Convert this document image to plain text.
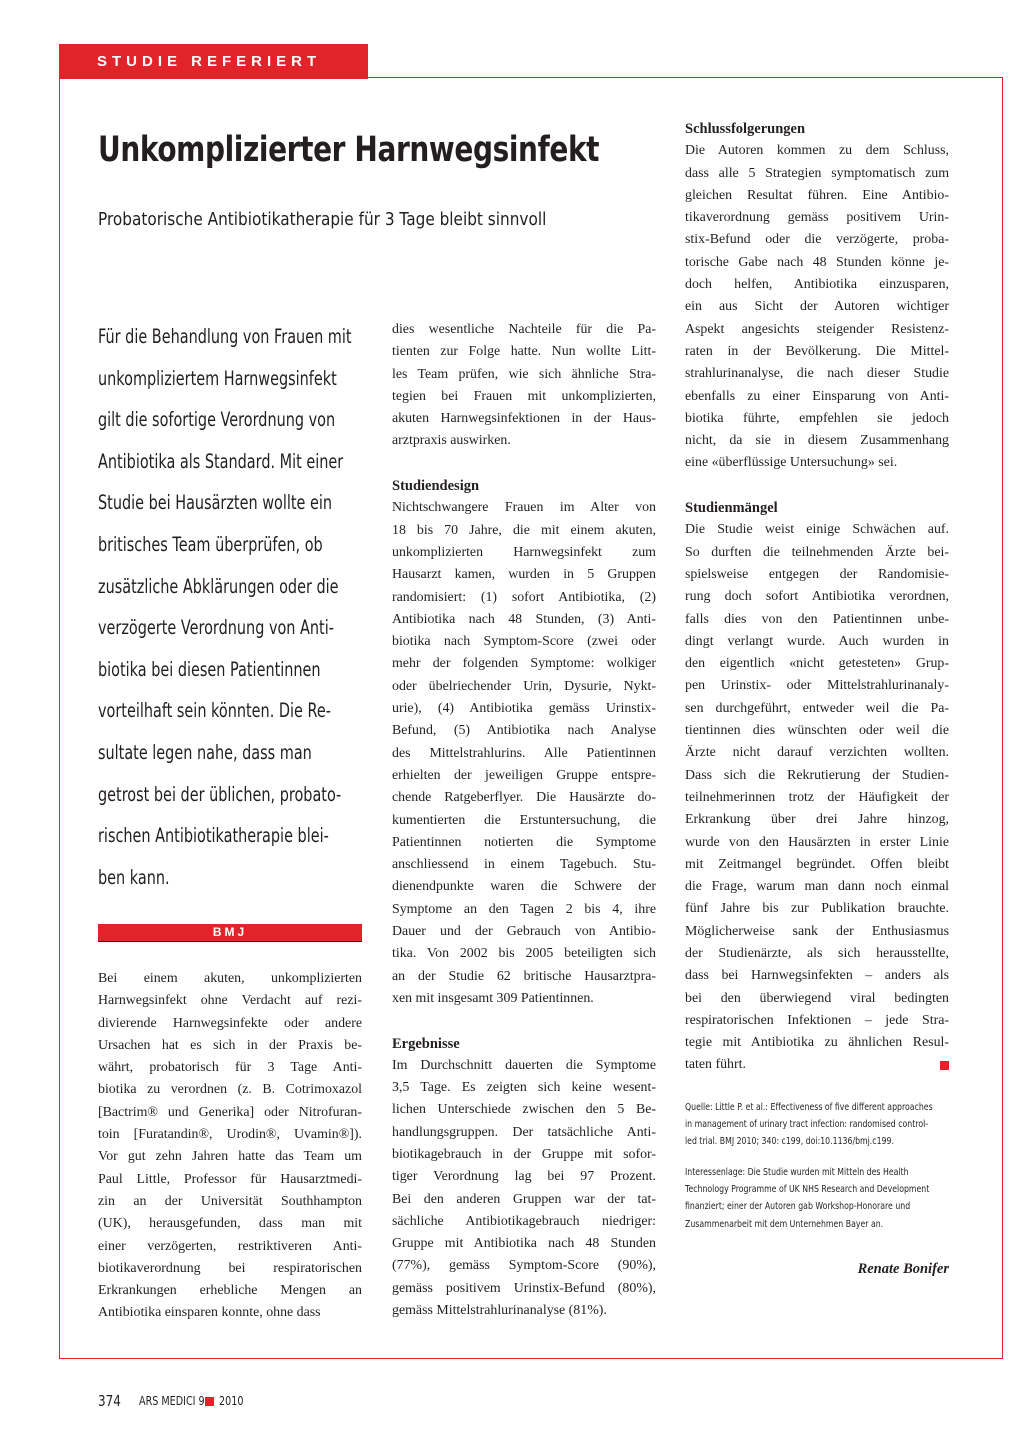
STUDIE REFERIERT
Unkomplizierter Harnwegsinfekt
Probatorische Antibiotikatherapie für 3 Tage bleibt sinnvoll
Für die Behandlung von Frauen mit
unkompliziertem Harnwegsinfekt
gilt die sofortige Verordnung von
Antibiotika als Standard. Mit einer
Studie bei Hausärzten wollte ein
britisches Team überprüfen, ob
zusätzliche Abklärungen oder die
verzögerte Verordnung von Anti-
biotika bei diesen Patientinnen
vorteilhaft sein könnten. Die Re-
sultate legen nahe, dass man
getrost bei der üblichen, probato-
rischen Antibiotikatherapie blei-
ben kann.
BMJ

Bei einem akuten, unkomplizierten
Harnwegsinfekt ohne Verdacht auf rezi-
divierende Harnwegsinfekte oder andere
Ursachen hat es sich in der Praxis be-
währt, probatorisch für 3 Tage Anti-
biotika zu verordnen (z. B. Cotrimoxazol
[Bactrim® und Generika] oder Nitrofuran-
toin [Furatandin®, Urodin®, Uvamin®]).
Vor gut zehn Jahren hatte das Team um
Paul Little, Professor für Hausarztmedi-
zin an der Universität Southhampton
(UK), herausgefunden, dass man mit
einer verzögerten, restriktiveren Anti-
biotikaverordnung bei respiratorischen
Erkrankungen erhebliche Mengen an
Antibiotika einsparen konnte, ohne dass

dies wesentliche Nachteile für die Pa-
tienten zur Folge hatte. Nun wollte Litt-
les Team prüfen, wie sich ähnliche Stra-
tegien bei Frauen mit unkomplizierten,
akuten Harnwegsinfektionen in der Haus-
arztpraxis auswirken.

Studiendesign

Nichtschwangere Frauen im Alter von
18 bis 70 Jahre, die mit einem akuten,
unkomplizierten Harnwegsinfekt zum
Hausarzt kamen, wurden in 5 Gruppen
randomisiert: (1) sofort Antibiotika, (2)
Antibiotika nach 48 Stunden, (3) Anti-
biotika nach Symptom-Score (zwei oder
mehr der folgenden Symptome: wolkiger
oder übelriechender Urin, Dysurie, Nykt-
urie), (4) Antibiotika gemäss Urinstix-
Befund, (5) Antibiotika nach Analyse
des Mittelstrahlurins. Alle Patientinnen
erhielten der jeweiligen Gruppe entspre-
chende Ratgeberflyer. Die Hausärzte do-
kumentierten die Erstuntersuchung, die
Patientinnen notierten die Symptome
anschliessend in einem Tagebuch. Stu-
dienendpunkte waren die Schwere der
Symptome an den Tagen 2 bis 4, ihre
Dauer und der Gebrauch von Antibio-
tika. Von 2002 bis 2005 beteiligten sich
an der Studie 62 britische Hausarztpra-
xen mit insgesamt 309 Patientinnen.

Ergebnisse

Im Durchschnitt dauerten die Symptome
3,5 Tage. Es zeigten sich keine wesent-
lichen Unterschiede zwischen den 5 Be-
handlungsgruppen. Der tatsächliche Anti-
biotikagebrauch in der Gruppe mit sofor-
tiger Verordnung lag bei 97 Prozent.
Bei den anderen Gruppen war der tat-
sächliche Antibiotikagebrauch niedriger:
Gruppe mit Antibiotika nach 48 Stunden
(77%), gemäss Symptom-Score (90%),
gemäss positivem Urinstix-Befund (80%),
gemäss Mittelstrahlurinanalyse (81%).

Schlussfolgerungen

Die Autoren kommen zu dem Schluss,
dass alle 5 Strategien symptomatisch zum
gleichen Resultat führen. Eine Antibio-
tikaverordnung gemäss positivem Urin-
stix-Befund oder die verzögerte, proba-
torische Gabe nach 48 Stunden könne je-
doch helfen, Antibiotika einzusparen,
ein aus Sicht der Autoren wichtiger
Aspekt angesichts steigender Resistenz-
raten in der Bevölkerung. Die Mittel-
strahlurinanalyse, die nach dieser Studie
ebenfalls zu einer Einsparung von Anti-
biotika führte, empfehlen sie jedoch
nicht, da sie in diesem Zusammenhang
eine «überflüssige Untersuchung» sei.

Studienmängel

Die Studie weist einige Schwächen auf.
So durften die teilnehmenden Ärzte bei-
spielsweise entgegen der Randomisie-
rung doch sofort Antibiotika verordnen,
falls dies von den Patientinnen unbe-
dingt verlangt wurde. Auch wurden in
den eigentlich «nicht getesteten» Grup-
pen Urinstix- oder Mittelstrahlurinanaly-
sen durchgeführt, entweder weil die Pa-
tientinnen dies wünschten oder weil die
Ärzte nicht darauf verzichten wollten.
Dass sich die Rekrutierung der Studien-
teilnehmerinnen trotz der Häufigkeit der
Erkrankung über drei Jahre hinzog,
wurde von den Hausärzten in erster Linie
mit Zeitmangel begründet. Offen bleibt
die Frage, warum man dann noch einmal
fünf Jahre bis zur Publikation brauchte.
Möglicherweise sank der Enthusiasmus
der Studienärzte, als sich herausstellte,
dass bei Harnwegsinfekten – anders als
bei den überwiegend viral bedingten
respiratorischen Infektionen – jede Stra-
tegie mit Antibiotika zu ähnlichen Resul-
taten führt.

Quelle: Little P. et al.: Effectiveness of five different approaches
in management of urinary tract infection: randomised control-
led trial. BMJ 2010; 340: c199, doi:10.1136/bmj.c199.
Interessenlage: Die Studie wurden mit Mitteln des Health
Technology Programme of UK NHS Research and Development
finanziert; einer der Autoren gab Workshop-Honorare und
Zusammenarbeit mit dem Unternehmen Bayer an.
Renate Bonifer
374 ARS MEDICI 9 2010
